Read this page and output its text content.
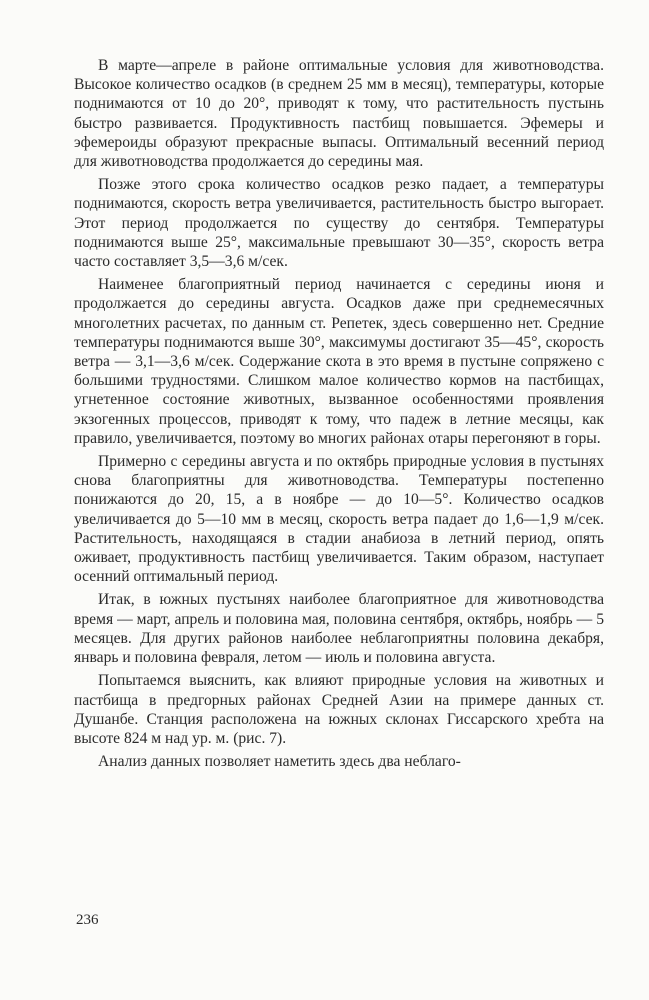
В марте—апреле в районе оптимальные условия для животноводства. Высокое количество осадков (в среднем 25 мм в месяц), температуры, которые поднимаются от 10 до 20°, приводят к тому, что растительность пустынь быстро развивается. Продуктивность пастбищ повышается. Эфемеры и эфемероиды образуют прекрасные выпасы. Оптимальный весенний период для животноводства продолжается до середины мая.

Позже этого срока количество осадков резко падает, а температуры поднимаются, скорость ветра увеличивается, растительность быстро выгорает. Этот период продолжается по существу до сентября. Температуры поднимаются выше 25°, максимальные превышают 30—35°, скорость ветра часто составляет 3,5—3,6 м/сек.

Наименее благоприятный период начинается с середины июня и продолжается до середины августа. Осадков даже при среднемесячных многолетних расчетах, по данным ст. Репетек, здесь совершенно нет. Средние температуры поднимаются выше 30°, максимумы достигают 35—45°, скорость ветра — 3,1—3,6 м/сек. Содержание скота в это время в пустыне сопряжено с большими трудностями. Слишком малое количество кормов на пастбищах, угнетенное состояние животных, вызванное особенностями проявления экзогенных процессов, приводят к тому, что падеж в летние месяцы, как правило, увеличивается, поэтому во многих районах отары перегоняют в горы.

Примерно с середины августа и по октябрь природные условия в пустынях снова благоприятны для животноводства. Температуры постепенно понижаются до 20, 15, а в ноябре — до 10—5°. Количество осадков увеличивается до 5—10 мм в месяц, скорость ветра падает до 1,6—1,9 м/сек. Растительность, находящаяся в стадии анабиоза в летний период, опять оживает, продуктивность пастбищ увеличивается. Таким образом, наступает осенний оптимальный период.

Итак, в южных пустынях наиболее благоприятное для животноводства время — март, апрель и половина мая, половина сентября, октябрь, ноябрь — 5 месяцев. Для других районов наиболее неблагоприятны половина декабря, январь и половина февраля, летом — июль и половина августа.

Попытаемся выяснить, как влияют природные условия на животных и пастбища в предгорных районах Средней Азии на примере данных ст. Душанбе. Станция расположена на южных склонах Гиссарского хребта на высоте 824 м над ур. м. (рис. 7).

Анализ данных позволяет наметить здесь два неблаго-

236
